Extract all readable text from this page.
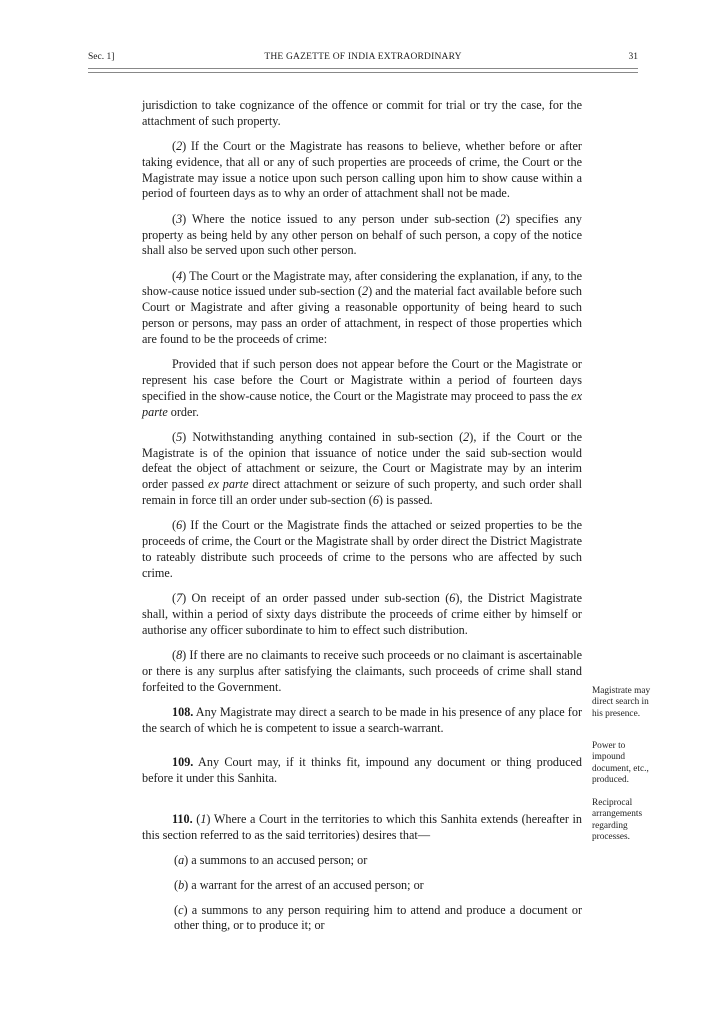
Sec. 1]	THE GAZETTE OF INDIA EXTRAORDINARY	31

jurisdiction to take cognizance of the offence or commit for trial or try the case, for the attachment of such property.

(2) If the Court or the Magistrate has reasons to believe, whether before or after taking evidence, that all or any of such properties are proceeds of crime, the Court or the Magistrate may issue a notice upon such person calling upon him to show cause within a period of fourteen days as to why an order of attachment shall not be made.

(3) Where the notice issued to any person under sub-section (2) specifies any property as being held by any other person on behalf of such person, a copy of the notice shall also be served upon such other person.

(4) The Court or the Magistrate may, after considering the explanation, if any, to the show-cause notice issued under sub-section (2) and the material fact available before such Court or Magistrate and after giving a reasonable opportunity of being heard to such person or persons, may pass an order of attachment, in respect of those properties which are found to be the proceeds of crime:

Provided that if such person does not appear before the Court or the Magistrate or represent his case before the Court or Magistrate within a period of fourteen days specified in the show-cause notice, the Court or the Magistrate may proceed to pass the ex parte order.

(5) Notwithstanding anything contained in sub-section (2), if the Court or the Magistrate is of the opinion that issuance of notice under the said sub-section would defeat the object of attachment or seizure, the Court or Magistrate may by an interim order passed ex parte direct attachment or seizure of such property, and such order shall remain in force till an order under sub-section (6) is passed.

(6) If the Court or the Magistrate finds the attached or seized properties to be the proceeds of crime, the Court or the Magistrate shall by order direct the District Magistrate to rateably distribute such proceeds of crime to the persons who are affected by such crime.

(7) On receipt of an order passed under sub-section (6), the District Magistrate shall, within a period of sixty days distribute the proceeds of crime either by himself or authorise any officer subordinate to him to effect such distribution.

(8) If there are no claimants to receive such proceeds or no claimant is ascertainable or there is any surplus after satisfying the claimants, such proceeds of crime shall stand forfeited to the Government.

108. Any Magistrate may direct a search to be made in his presence of any place for the search of which he is competent to issue a search-warrant.

109. Any Court may, if it thinks fit, impound any document or thing produced before it under this Sanhita.

110. (1) Where a Court in the territories to which this Sanhita extends (hereafter in this section referred to as the said territories) desires that—

(a) a summons to an accused person; or

(b) a warrant for the arrest of an accused person; or

(c) a summons to any person requiring him to attend and produce a document or other thing, or to produce it; or

Magistrate may direct search in his presence.
Power to impound document, etc., produced.
Reciprocal arrangements regarding processes.
